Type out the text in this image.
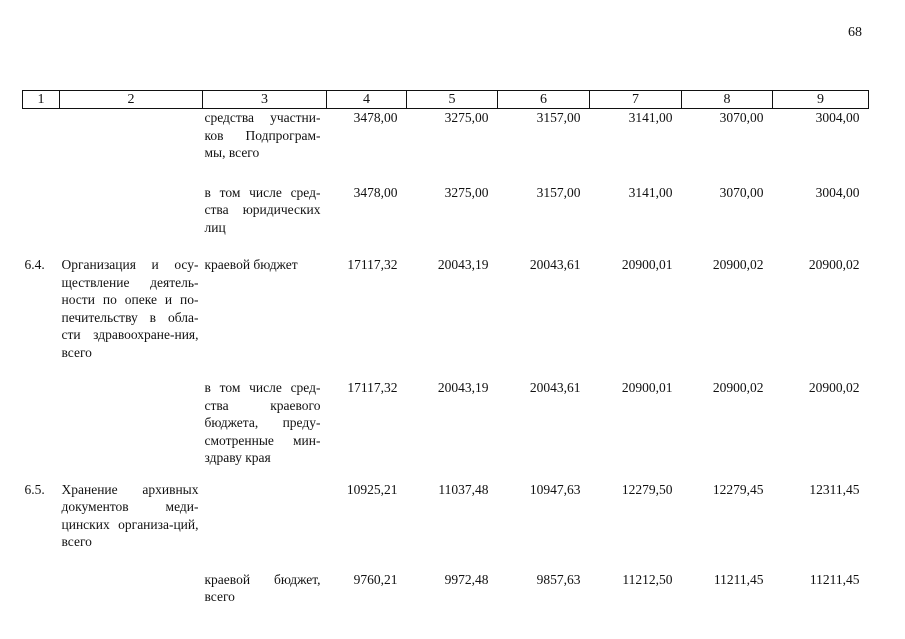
68
1	2	3	4	5	6	7	8	9
		средства участни-ков Подпрограм-мы, всего	3478,00	3275,00	3157,00	3141,00	3070,00	3004,00
		в том числе сред-ства юридических лиц	3478,00	3275,00	3157,00	3141,00	3070,00	3004,00
6.4.	Организация и осу-ществление деятель-ности по опеке и по-печительству в обла-сти здравоохране-ния, всего	краевой бюджет	17117,32	20043,19	20043,61	20900,01	20900,02	20900,02
		в том числе сред-ства краевого бюджета, преду-смотренные мин-здраву края	17117,32	20043,19	20043,61	20900,01	20900,02	20900,02
6.5.	Хранение архивных документов меди-цинских организа-ций, всего		10925,21	11037,48	10947,63	12279,50	12279,45	12311,45
		краевой бюджет, всего	9760,21	9972,48	9857,63	11212,50	11211,45	11211,45
